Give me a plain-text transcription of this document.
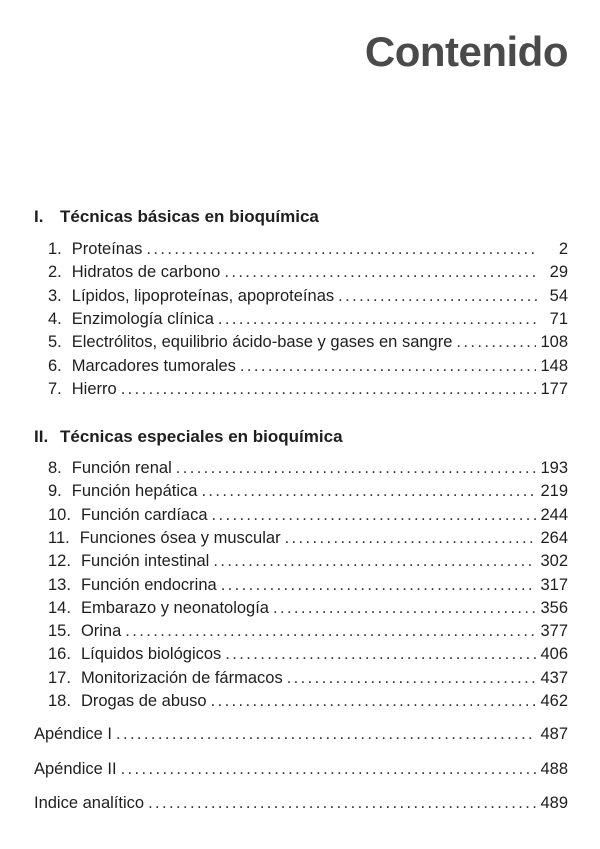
Contenido
I. Técnicas básicas en bioquímica
II. Técnicas especiales en bioquímica
1. Proteínas .....	2
2. Hidratos de carbono .....	29
3. Lípidos, lipoproteínas, apoproteínas .....	54
4. Enzimología clínica .....	71
5. Electrólitos, equilibrio ácido-base y gases en sangre .....	108
6. Marcadores tumorales .....	148
7. Hierro .....	177
8. Función renal .....	193
9. Función hepática .....	219
10. Función cardíaca .....	244
11. Funciones ósea y muscular .....	264
12. Función intestinal .....	302
13. Función endocrina .....	317
14. Embarazo y neonatología .....	356
15. Orina .....	377
16. Líquidos biológicos .....	406
17. Monitorización de fármacos .....	437
18. Drogas de abuso .....	462
Apéndice I .....	487
Apéndice II .....	488
Indice analítico .....	489
